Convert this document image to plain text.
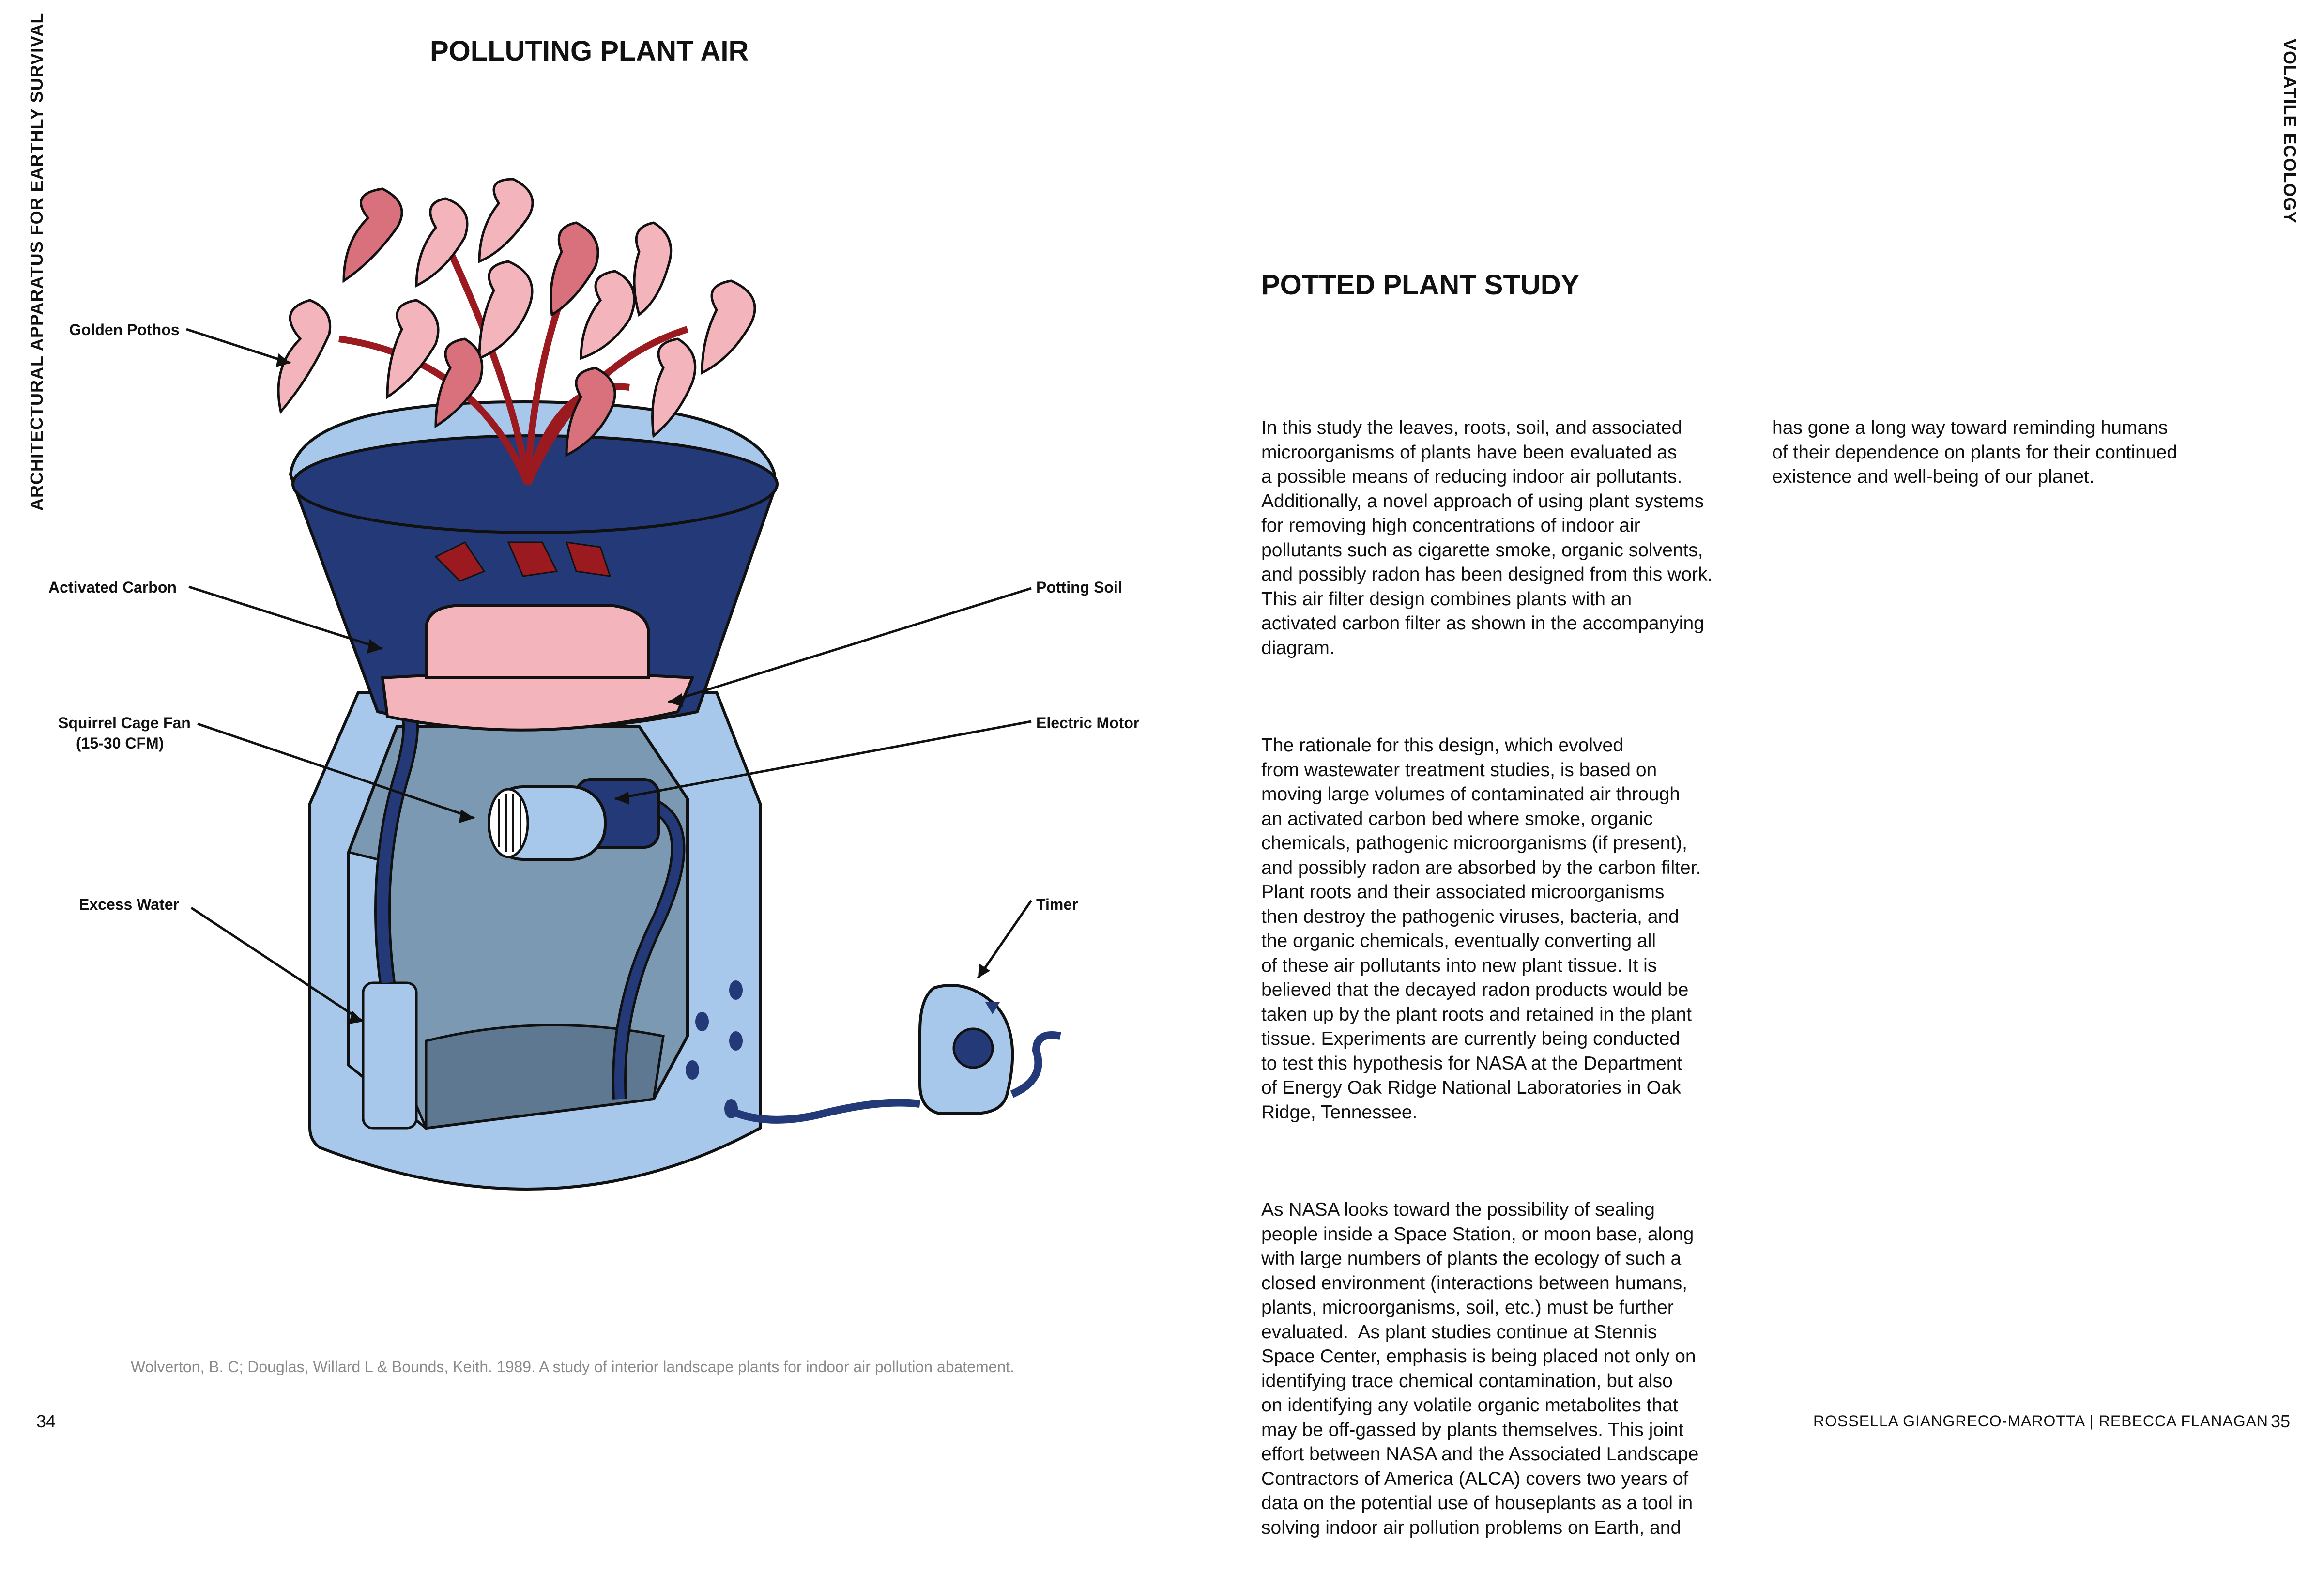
ARCHITECTURAL APPARATUS FOR EARTHLY SURVIVAL	VOLATILE ECOLOGY
POLLUTING PLANT AIR
Golden Pothos
Activated Carbon
Squirrel Cage Fan
(15-30 CFM)
Excess Water
Potting Soil
Electric Motor
Timer
Wolverton, B. C; Douglas, Willard L & Bounds, Keith. 1989. A study of interior landscape plants for indoor air pollution abatement.
34
POTTED PLANT STUDY

In this study the leaves, roots, soil, and associated
microorganisms of plants have been evaluated as
a possible means of reducing indoor air pollutants.
Additionally, a novel approach of using plant systems
for removing high concentrations of indoor air
pollutants such as cigarette smoke, organic solvents,
and possibly radon has been designed from this work.
This air filter design combines plants with an
activated carbon filter as shown in the accompanying
diagram.

The rationale for this design, which evolved
from wastewater treatment studies, is based on
moving large volumes of contaminated air through
an activated carbon bed where smoke, organic
chemicals, pathogenic microorganisms (if present),
and possibly radon are absorbed by the carbon filter.
Plant roots and their associated microorganisms
then destroy the pathogenic viruses, bacteria, and
the organic chemicals, eventually converting all
of these air pollutants into new plant tissue. It is
believed that the decayed radon products would be
taken up by the plant roots and retained in the plant
tissue. Experiments are currently being conducted
to test this hypothesis for NASA at the Department
of Energy Oak Ridge National Laboratories in Oak
Ridge, Tennessee.

As NASA looks toward the possibility of sealing
people inside a Space Station, or moon base, along
with large numbers of plants the ecology of such a
closed environment (interactions between humans,
plants, microorganisms, soil, etc.) must be further
evaluated.  As plant studies continue at Stennis
Space Center, emphasis is being placed not only on
identifying trace chemical contamination, but also
on identifying any volatile organic metabolites that
may be off-gassed by plants themselves. This joint
effort between NASA and the Associated Landscape
Contractors of America (ALCA) covers two years of
data on the potential use of houseplants as a tool in
solving indoor air pollution problems on Earth, and

has gone a long way toward reminding humans
of their dependence on plants for their continued
existence and well-being of our planet.

ROSSELLA GIANGRECO-MAROTTA | REBECCA FLANAGAN 35
